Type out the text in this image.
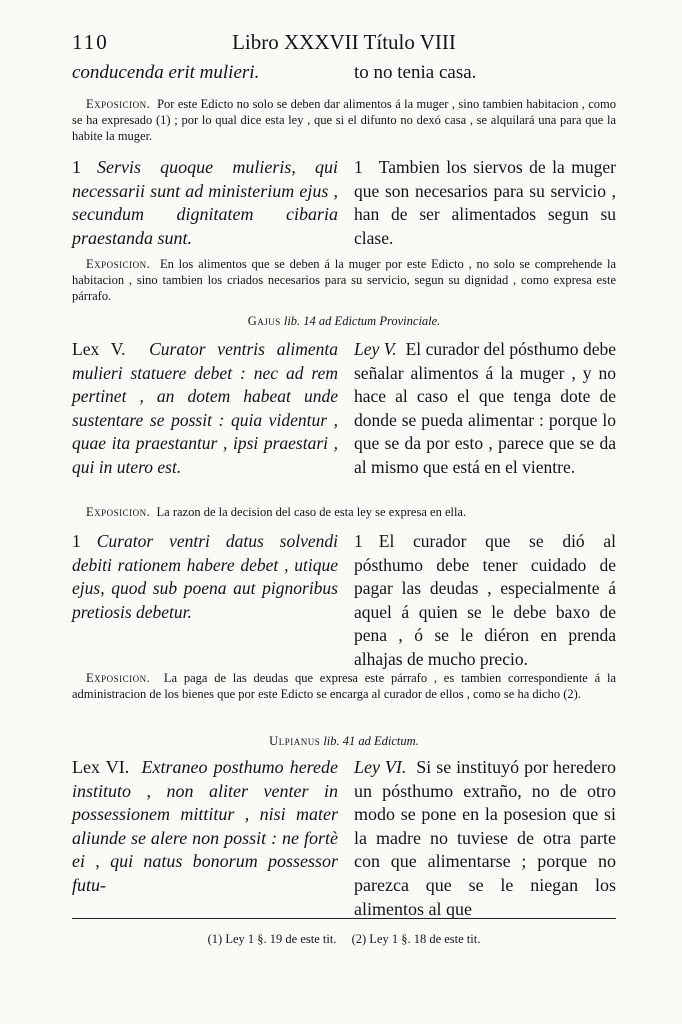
110	Libro XXXVII Título VIII
conducenda erit mulieri.	to no tenia casa.
Exposicion. Por este Edicto no solo se deben dar alimentos á la muger , sino tambien habitacion , como se ha expresado (1) ; por lo qual dice esta ley , que si el difunto no dexó casa , se alquilará una para que la habite la muger.
1 Servis quoque mulieris, qui necessarii sunt ad ministerium ejus , secundum dignitatem cibaria praestanda sunt.
1 Tambien los siervos de la muger que son necesarios para su servicio , han de ser alimentados segun su clase.
Exposicion. En los alimentos que se deben á la muger por este Edicto , no solo se comprehende la habitacion , sino tambien los criados necesarios para su servicio, segun su dignidad , como expresa este párrafo.
Gajus lib. 14 ad Edictum Provinciale.
Lex V. Curator ventris alimenta mulieri statuere debet : nec ad rem pertinet , an dotem habeat unde sustentare se possit : quia videntur , quae ita praestantur , ipsi praestari , qui in utero est.
Ley V. El curador del pósthumo debe señalar alimentos á la muger , y no hace al caso el que tenga dote de donde se pueda alimentar : porque lo que se da por esto , parece que se da al mismo que está en el vientre.
Exposicion. La razon de la decision del caso de esta ley se expresa en ella.
1 Curator ventri datus solvendi debiti rationem habere debet , utique ejus, quod sub poena aut pignoribus pretiosis debetur.
1 El curador que se dió al pósthumo debe tener cuidado de pagar las deudas , especialmente á aquel á quien se le debe baxo de pena , ó se le diéron en prenda alhajas de mucho precio.
Exposicion. La paga de las deudas que expresa este párrafo , es tambien correspondiente á la administracion de los bienes que por este Edicto se encarga al curador de ellos , como se ha dicho (2).
Ulpianus lib. 41 ad Edictum.
Lex VI. Extraneo posthumo herede instituto , non aliter venter in possessionem mittitur , nisi mater aliunde se alere non possit : ne fortè ei , qui natus bonorum possessor futu-
Ley VI. Si se instituyó por heredero un pósthumo extraño, no de otro modo se pone en la posesion que si la madre no tuviese de otra parte con que alimentarse ; porque no parezca que se le niegan los alimentos al que
(1) Ley 1 §. 19 de este tit. (2) Ley 1 §. 18 de este tit.
